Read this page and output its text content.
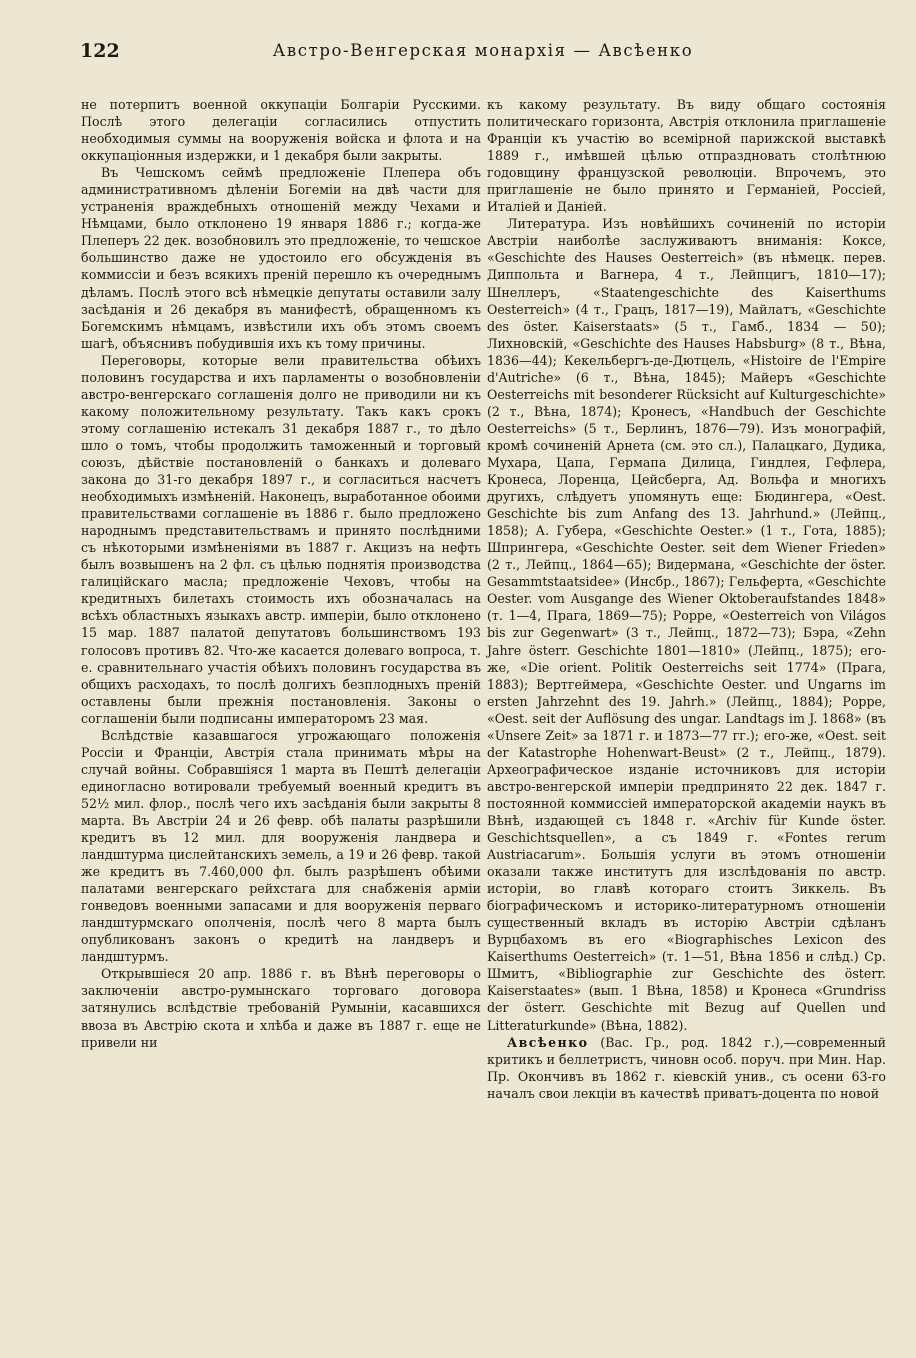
122	Австро-Венгерская монархія — Авсѣенко

не потерпитъ военной оккупаціи Болгаріи Русскими. Послѣ этого делегаціи согласились отпустить необходимыя суммы на вооруженія войска и флота и на оккупаціонныя издержки, и 1 декабря были закрыты.

Въ Чешскомъ сеймѣ предложеніе Плепера объ административномъ дѣленіи Богеміи на двѣ части для устраненія враждебныхъ отношеній между Чехами и Нѣмцами, было отклонено 19 января 1886 г.; когда-же Плеперъ 22 дек. возобновилъ это предложеніе, то чешское большинство даже не удостоило его обсужденія въ коммиссіи и безъ всякихъ преній перешло къ очереднымъ дѣламъ. Послѣ этого всѣ нѣмецкіе депутаты оставили залу засѣданія и 26 декабря въ манифестѣ, обращенномъ къ Богемскимъ нѣмцамъ, извѣстили ихъ объ этомъ своемъ шагѣ, объяснивъ побудившія ихъ къ тому причины.

Переговоры, которые вели правительства обѣихъ половинъ государства и ихъ парламенты о возобновленіи австро-венгерскаго соглашенія долго не приводили ни къ какому положительному результату. Такъ какъ срокъ этому соглашенію истекалъ 31 декабря 1887 г., то дѣло шло о томъ, чтобы продолжить таможенный и торговый союзъ, дѣйствіе постановленій о банкахъ и долеваго закона до 31-го декабря 1897 г., и согласиться насчетъ необходимыхъ измѣненій. Наконецъ, выработанное обоими правительствами соглашеніе въ 1886 г. было предложено народнымъ представительствамъ и принято послѣдними съ нѣкоторыми измѣненіями въ 1887 г. Акцизъ на нефть былъ возвышенъ на 2 фл. съ цѣлью поднятія производства галицiйскаго масла; предложеніе Чеховъ, чтобы на кредитныхъ билетахъ стоимость ихъ обозначалась на всѣхъ областныхъ языкахъ австр. имперіи, было отклонено 15 мар. 1887 палатой депутатовъ большинствомъ 193 голосовъ противъ 82. Что-же касается долеваго вопроса, т. е. сравнительнаго участія обѣихъ половинъ государства въ общихъ расходахъ, то послѣ долгихъ безплодныхъ преній оставлены были прежнія постановленія. Законы о соглашеніи были подписаны императоромъ 23 мая.

Вслѣдствіе казавшагося угрожающаго положенія Россіи и Франціи, Австрія стала принимать мѣры на случай войны. Собравшіяся 1 марта въ Пештѣ делегаціи единогласно вотировали требуемый военный кредитъ въ 52½ мил. флор., послѣ чего ихъ засѣданія были закрыты 8 марта. Въ Австріи 24 и 26 февр. обѣ палаты разрѣшили кредитъ въ 12 мил. для вооруженія ландвера и ландштурма цислейтанскихъ земель, а 19 и 26 февр. такой же кредитъ въ 7.460,000 фл. былъ разрѣшенъ обѣими палатами венгерскаго рейхстага для снабженія арміи гонведовъ военными запасами и для вооруженія перваго ландштурмскаго ополченія, послѣ чего 8 марта былъ опубликованъ законъ о кредитѣ на ландверъ и ландштурмъ.

Открывшіеся 20 апр. 1886 г. въ Вѣнѣ переговоры о заключеніи австро-румынскаго торговаго договора затянулись вслѣдствіе требованій Румыніи, касавшихся ввоза въ Австрію скота и хлѣба и даже въ 1887 г. еще не привели ни

къ какому результату. Въ виду общаго состоянія политическаго горизонта, Австрія отклонила приглашеніе Франціи къ участію во всемірной парижской выставкѣ 1889 г., имѣвшей цѣлью отпраздновать столѣтнюю годовщину французской революціи. Впрочемъ, это приглашеніе не было принято и Германіей, Россіей, Италіей и Даніей.

Литература. Изъ новѣйшихъ сочиненій по исторіи Австріи наиболѣе заслуживаютъ вниманія: Коксе, «Geschichte des Hauses Oesterreich» (въ нѣмецк. перев. Диппольта и Вагнера, 4 т., Лейпцигъ, 1810—17); Шнеллеръ, «Staatengeschichte des Kaiserthums Oesterreich» (4 т., Грацъ, 1817—19), Майлатъ, «Geschichte des öster. Kaiserstaats» (5 т., Гамб., 1834 — 50); Лихновскій, «Geschichte des Hauses Habsburg» (8 т., Вѣна, 1836—44); Кекельбергъ-де-Дютцель, «Histoire de l'Empire d'Autriche» (6 т., Вѣна, 1845); Майеръ «Geschichte Oesterreichs mit besonderer Rücksicht auf Kulturgeschichte» (2 т., Вѣна, 1874); Кронесъ, «Handbuch der Geschichte Oesterreichs» (5 т., Берлинъ, 1876—79). Изъ монографій, кромѣ сочиненій Арнета (см. это сл.), Палацкаго, Дудика, Мухара, Цапа, Гермапа Дилица, Гиндлея, Гефлера, Кронеса, Лоренца, Цейсберга, Ад. Вольфа и многихъ другихъ, слѣдуетъ упомянуть еще: Бюдингера, «Oest. Geschichte bis zum Anfang des 13. Jahrhund.» (Лейпц., 1858); А. Губера, «Geschichte Oester.» (1 т., Гота, 1885); Шпрингера, «Geschichte Oester. seit dem Wiener Frieden» (2 т., Лейпц., 1864—65); Видермана, «Geschichte der öster. Gesammtstaatsidee» (Инсбр., 1867); Гельферта, «Geschichte Oester. vom Ausgange des Wiener Oktoberaufstandes 1848» (т. 1—4, Прага, 1869—75); Рорре, «Oesterreich von Világos bis zur Gegenwart» (3 т., Лейпц., 1872—73); Бэра, «Zehn Jahre österr. Geschichte 1801—1810» (Лейпц., 1875); его-же, «Die orient. Politik Oesterreichs seit 1774» (Прага, 1883); Вертгеймера, «Geschichte Oester. und Ungarns im ersten Jahrzehnt des 19. Jahrh.» (Лейпц., 1884); Рорре, «Oest. seit der Auflösung des ungar. Landtags im J. 1868» (въ «Unsere Zeit» за 1871 г. и 1873—77 гг.); его-же, «Oest. seit der Katastrophe Hohenwart-Beust» (2 т., Лейпц., 1879). Археографическое изданіе источниковъ для исторіи австро-венгерской имперіи предпринято 22 дек. 1847 г. постоянной коммиссіей императорской академіи наукъ въ Вѣнѣ, издающей съ 1848 г. «Archiv für Kunde öster. Geschichtsquellen», а съ 1849 г. «Fontes rerum Austriacarum». Большія услуги въ этомъ отношеніи оказали также институтъ для изслѣдованія по австр. исторіи, во главѣ котораго стоитъ Зиккель. Въ біографическомъ и историко-литературномъ отношеніи существенный вкладъ въ исторію Австріи сдѣланъ Вурцбахомъ въ его «Biographisches Lexicon des Kaiserthums Oesterreich» (т. 1—51, Вѣна 1856 и слѣд.) Ср. Шмитъ, «Bibliographie zur Geschichte des österr. Kaiserstaates» (вып. 1 Вѣна, 1858) и Кронеса «Grundriss der österr. Geschichte mit Bezug auf Quellen und Litteraturkunde» (Вѣна, 1882).

Авсѣенко (Вас. Гр., род. 1842 г.),—современный критикъ и беллетристъ, чиновн особ. поруч. при Мин. Нар. Пр. Окончивъ въ 1862 г. кіевскій унив., съ осени 63-го началъ свои лекціи въ качествѣ приватъ-доцента по новой
